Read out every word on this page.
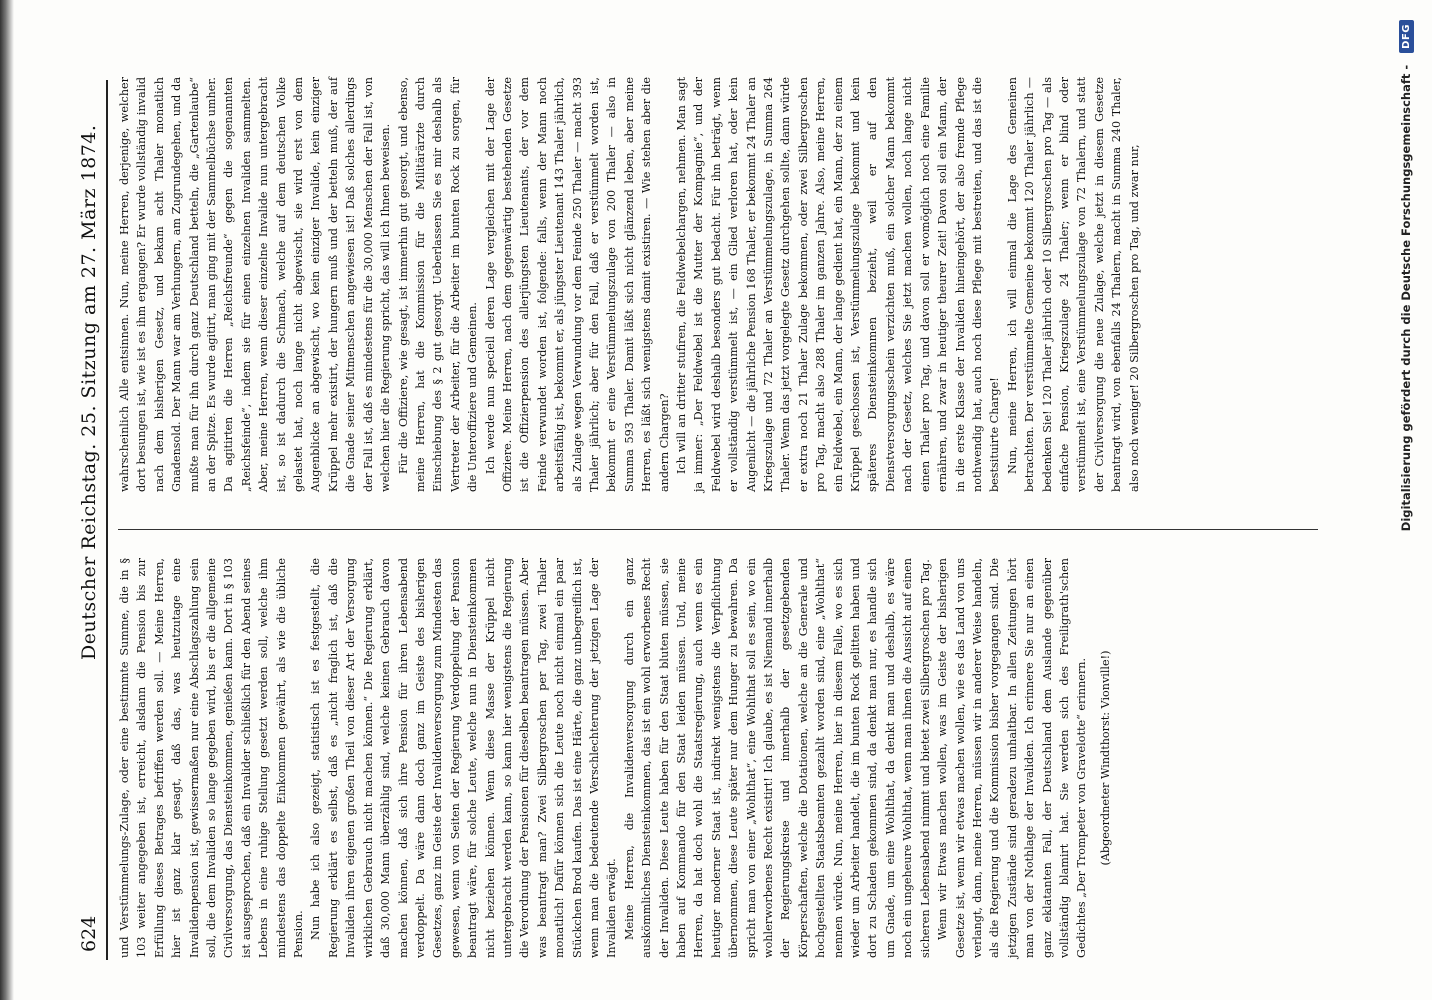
624
Deutscher Reichstag. 25. Sitzung am 27. März 1874.

und Verstümmelungs-Zulage, oder eine bestimmte Summe, die in § 103 weiter angegeben ist, erreicht, alsdann die Pension bis zur Erfüllung dieses Betrages befriffen werden soll. — Meine Herren, hier ist ganz klar gesagt, daß das, was heutzutage eine Invalidenpension ist, gewissermaßen nur eine Abschlagszahlung sein soll, die dem Invaliden so lange gegeben wird, bis er die allgemeine Civilversorgung, das Diensteinkommen, genießen kann. Dort in § 103 ist ausgesprochen, daß ein Invalider schließlich für den Abend seines Lebens in eine ruhige Stellung gesetzt werden soll, welche ihm mindestens das doppelte Einkommen gewährt, als wie die übliche Pension. Nun habe ich also gezeigt, statistisch ist es festgestellt, die Regierung erklärt es selbst, daß es „nicht fraglich ist, daß die Invaliden ihren eigenen großen Theil von dieser Art der Versorgung wirklichen Gebrauch nicht machen können.“ Die Regierung erklärt, daß 30,000 Mann überzählig sind, welche keinen Gebrauch davon machen können, daß sich ihre Pension für ihren Lebensabend verdoppelt. Da wäre dann doch ganz im Geiste des bisherigen Gesetzes, ganz im Geiste der Invalidenversorgung zum Mindesten das gewesen, wenn von Seiten der Regierung Verdoppelung der Pension beantragt wäre, für solche Leute, welche nun in Diensteinkommen nicht beziehen können. Wenn diese Masse der Krüppel nicht untergebracht werden kann, so kann hier wenigstens die Regierung die Verordnung der Pensionen für dieselben beantragen müssen. Aber was beantragt man? Zwei Silbergroschen per Tag, zwei Thaler monatlich! Dafür können sich die Leute noch nicht einmal ein paar Stückchen Brod kaufen. Das ist eine Härte, die ganz unbegreiflich ist, wenn man die bedeutende Verschlechterung der jetzigen Lage der Invaliden erwägt. Meine Herren, die Invalidenversorgung durch ein ganz auskömmliches Diensteinkommen, das ist ein wohl erworbenes Recht der Invaliden. Diese Leute haben für den Staat bluten müssen, sie haben auf Kommando für den Staat leiden müssen. Und, meine Herren, da hat doch wohl die Staatsregierung, auch wenn es ein heutiger moderner Staat ist, indirekt wenigstens die Verpflichtung übernommen, diese Leute später nur dem Hunger zu bewahren. Da spricht man von einer „Wohlthat“, eine Wohlthat soll es sein, wo ein wohlerworbenes Recht existirt! Ich glaube, es ist Niemand innerhalb der Regierungskreise und innerhalb der gesetzgebenden Körperschaften, welche die Dotationen, welche an die Generale und hochgestellten Staatsbeamten gezahlt worden sind, eine „Wohlthat“ nennen würde. Nun, meine Herren, hier in diesem Falle, wo es sich wieder um Arbeiter handelt, die im bunten Rock gelitten haben und dort zu Schaden gekommen sind, da denkt man nur, es handle sich um Gnade, um eine Wohlthat, da denkt man und deshalb, es wäre noch ein ungeheure Wohlthat, wenn man ihnen die Aussicht auf einen sicheren Lebensabend nimmt und bietet zwei Silbergroschen pro Tag. Wenn wir Etwas machen wollen, was im Geiste der bisherigen Gesetze ist, wenn wir etwas machen wollen, wie es das Land von uns verlangt, dann, meine Herren, müssen wir in anderer Weise handeln, als die Regierung und die Kommission bisher vorgegangen sind. Die jetzigen Zustände sind geradezu unhaltbar. In allen Zeitungen hört man von der Nothlage der Invaliden. Ich erinnere Sie nur an einen ganz eklatanten Fall, der Deutschland dem Auslande gegenüber vollständig blamirt hat. Sie werden sich des Freiligrath'schen Gedichtes „Der Trompeter von Gravelotte“ erinnern. (Abgeordneter Windthorst: Vionville!)

wahrscheinlich Alle entsinnen. Nun, meine Herren, derjenige, welcher dort besungen ist, wie ist es ihm ergangen? Er wurde vollständig invalid nach dem bisherigen Gesetz, und bekam acht Thaler monatlich Gnadensold. Der Mann war am Verhungern, am Zugrundegehen, und da mußte man für ihn durch ganz Deutschland betteln, die „Gartenlaube“ an der Spitze. Es wurde agitirt, man ging mit der Sammelbüchse umher. Da agitirten die Herren „Reichsfreunde“ gegen die sogenannten „Reichsfeinde“, indem sie für einen einzelnen Invaliden sammelten. Aber, meine Herren, wenn dieser einzelne Invalide nun untergebracht ist, so ist dadurch die Schmach, welche auf dem deutschen Volke gelastet hat, noch lange nicht abgewischt, sie wird erst von dem Augenblicke an abgewischt, wo kein einziger Invalide, kein einziger Krüppel mehr existirt, der hungern muß und der betteln muß, der auf die Gnade seiner Mitmenschen angewiesen ist! Daß solches allerdings der Fall ist, daß es mindestens für die 30,000 Menschen der Fall ist, von welchen hier die Regierung spricht, das will ich Ihnen beweisen. Für die Offiziere, wie gesagt, ist immerhin gut gesorgt, und ebenso, meine Herren, hat die Kommission für die Militärärzte durch Einschiebung des § 2 gut gesorgt. Ueberlassen Sie es mir deshalb als Vertreter der Arbeiter, für die Arbeiter im bunten Rock zu sorgen, für die Unteroffiziere und Gemeinen. Ich werde nun speciell deren Lage vergleichen mit der Lage der Offiziere. Meine Herren, nach dem gegenwärtig bestehenden Gesetze ist die Offizierpension des allerjüngsten Lieutenants, der vor dem Feinde verwundet worden ist, folgende: falls, wenn der Mann noch arbeitsfähig ist, bekommt er, als jüngster Lieutenant 143 Thaler jährlich, als Zulage wegen Verwundung vor dem Feinde 250 Thaler — macht 393 Thaler jährlich; aber für den Fall, daß er verstümmelt worden ist, bekommt er eine Verstümmelungszulage von 200 Thaler — also in Summa 593 Thaler. Damit läßt sich nicht glänzend leben, aber meine Herren, es läßt sich wenigstens damit existiren. — Wie stehen aber die andern Chargen? Ich will an dritter stufiren, die Feldwebelchargen, nehmen. Man sagt ja immer: „Der Feldwebel ist die Mutter der Kompagnie“, und der Feldwebel wird deshalb besonders gut bedacht. Für ihn beträgt, wenn er vollständig verstümmelt ist, — ein Glied verloren hat, oder kein Augenlicht — die jährliche Pension 168 Thaler, er bekommt 24 Thaler an Kriegszulage und 72 Thaler an Verstümmelungszulage, in Summa 264 Thaler. Wenn das jetzt vorgelegte Gesetz durchgehen sollte, dann würde er extra noch 21 Thaler Zulage bekommen, oder zwei Silbergroschen pro Tag, macht also 288 Thaler im ganzen Jahre. Also, meine Herren, ein Feldwebel, ein Mann, der lange gedient hat, ein Mann, der zu einem Krüppel geschossen ist, Verstümmelungszulage bekommt und kein späteres Diensteinkommen bezieht, weil er auf den Dienstversorgungsschein verzichten muß, ein solcher Mann bekommt nach der Gesetz, welches Sie jetzt machen wollen, noch lange nicht einen Thaler pro Tag, und davon soll er womöglich noch eine Familie ernähren, und zwar in heutiger theurer Zeit! Davon soll ein Mann, der in die erste Klasse der Invaliden hineingehört, der also fremde Pflege nothwendig hat, auch noch diese Pflege mit bestreiten, und das ist die bestsituirte Charge! Nun, meine Herren, ich will einmal die Lage des Gemeinen betrachten. Der verstümmelte Gemeine bekommt 120 Thaler jährlich — bedenken Sie! 120 Thaler jährlich oder 10 Silbergroschen pro Tag — als einfache Pension, Kriegszulage 24 Thaler; wenn er blind oder verstümmelt ist, eine Verstümmelungszulage von 72 Thalern, und statt der Civilversorgung die neue Zulage, welche jetzt in diesem Gesetze beantragt wird, von ebenfalls 24 Thalern, macht in Summa 240 Thaler, also noch weniger! 20 Silbergroschen pro Tag, und zwar nur,	Digitalisierung gefördert durch die Deutsche Forschungsgemeinschaft -
DFG
